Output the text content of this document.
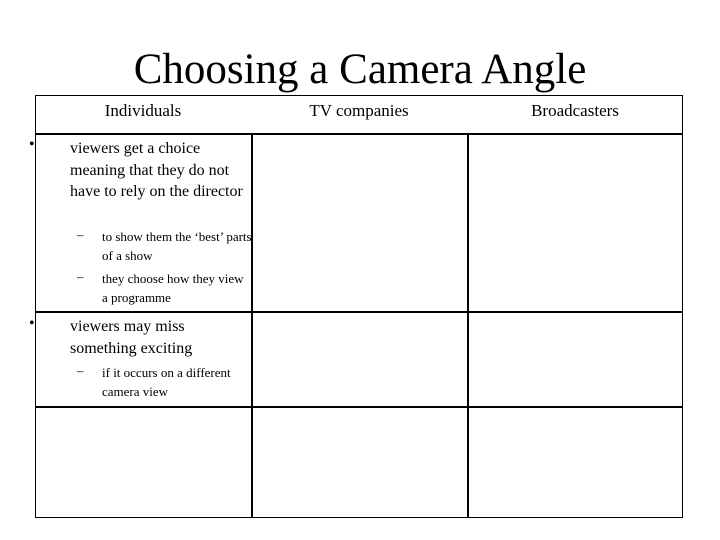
Choosing a Camera Angle
Individuals	TV companies	Broadcasters
• viewers get a choice meaning that they do not have to rely on the director
– to show them the ‘best’ parts of a show
– they choose how they view a programme
• viewers may miss something exciting
– if it occurs on a different camera view
